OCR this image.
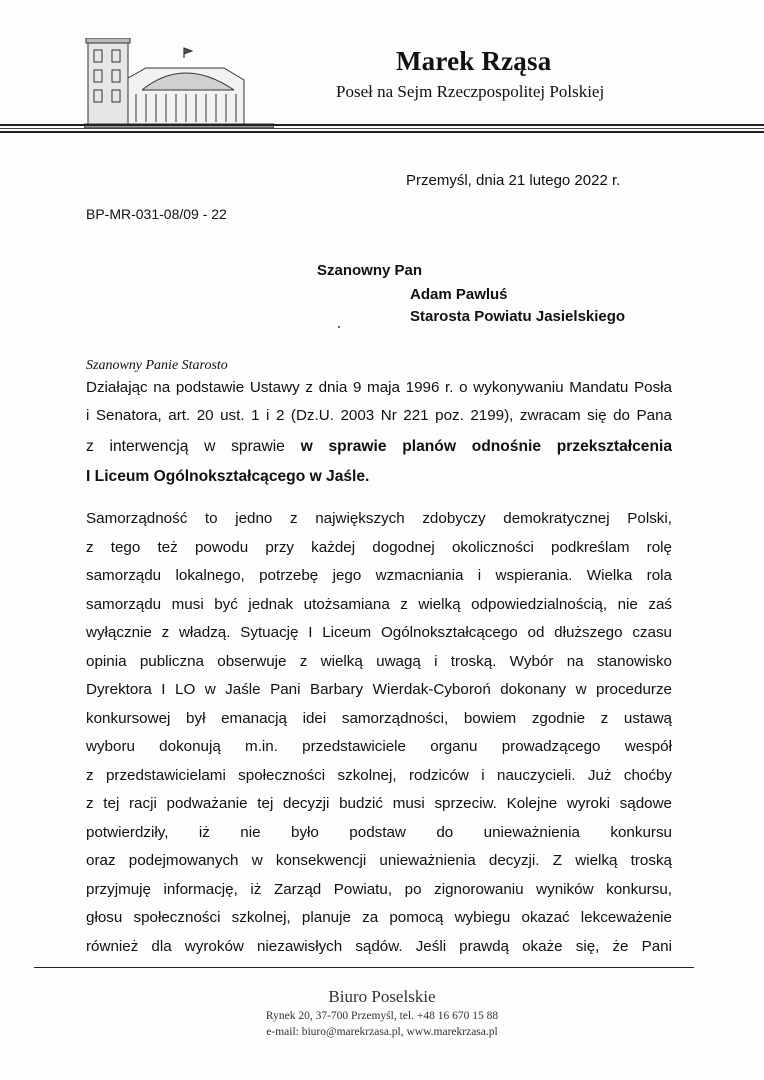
Marek Rząsa
Poseł na Sejm Rzeczpospolitej Polskiej
Przemyśl, dnia 21 lutego 2022 r.
BP-MR-031-08/09 - 22
Szanowny Pan
Adam Pawluś
Starosta Powiatu Jasielskiego
Szanowny Panie Starosto
Działając na podstawie Ustawy z dnia 9 maja 1996 r. o wykonywaniu Mandatu Posła
i Senatora, art. 20 ust. 1 i 2 (Dz.U. 2003 Nr 221 poz. 2199), zwracam się do Pana
z interwencją w sprawie w sprawie planów odnośnie przekształcenia
I Liceum Ogólnokształcącego w Jaśle.
Samorządność to jedno z największych zdobyczy demokratycznej Polski,
z tego też powodu przy każdej dogodnej okoliczności podkreślam rolę
samorządu lokalnego, potrzebę jego wzmacniania i wspierania. Wielka rola
samorządu musi być jednak utożsamiana z wielką odpowiedzialnością, nie zaś
wyłącznie z władzą. Sytuację I Liceum Ogólnokształcącego od dłuższego czasu
opinia publiczna obserwuje z wielką uwagą i troską. Wybór na stanowisko
Dyrektora I LO w Jaśle Pani Barbary Wierdak-Cyboroń dokonany w procedurze
konkursowej był emanacją idei samorządności, bowiem zgodnie z ustawą
wyboru dokonują m.in. przedstawiciele organu prowadzącego wespół
z przedstawicielami społeczności szkolnej, rodziców i nauczycieli. Już choćby
z tej racji podważanie tej decyzji budzić musi sprzeciw. Kolejne wyroki sądowe
potwierdziły, iż nie było podstaw do unieważnienia konkursu
oraz podejmowanych w konsekwencji unieważnienia decyzji. Z wielką troską
przyjmuję informację, iż Zarząd Powiatu, po zignorowaniu wyników konkursu,
głosu społeczności szkolnej, planuje za pomocą wybiegu okazać lekceważenie
również dla wyroków niezawisłych sądów. Jeśli prawdą okaże się, że Pani
Biuro Poselskie
Rynek 20, 37-700 Przemyśl, tel. +48 16 670 15 88
e-mail: biuro@marekrzasa.pl, www.marekrzasa.pl
